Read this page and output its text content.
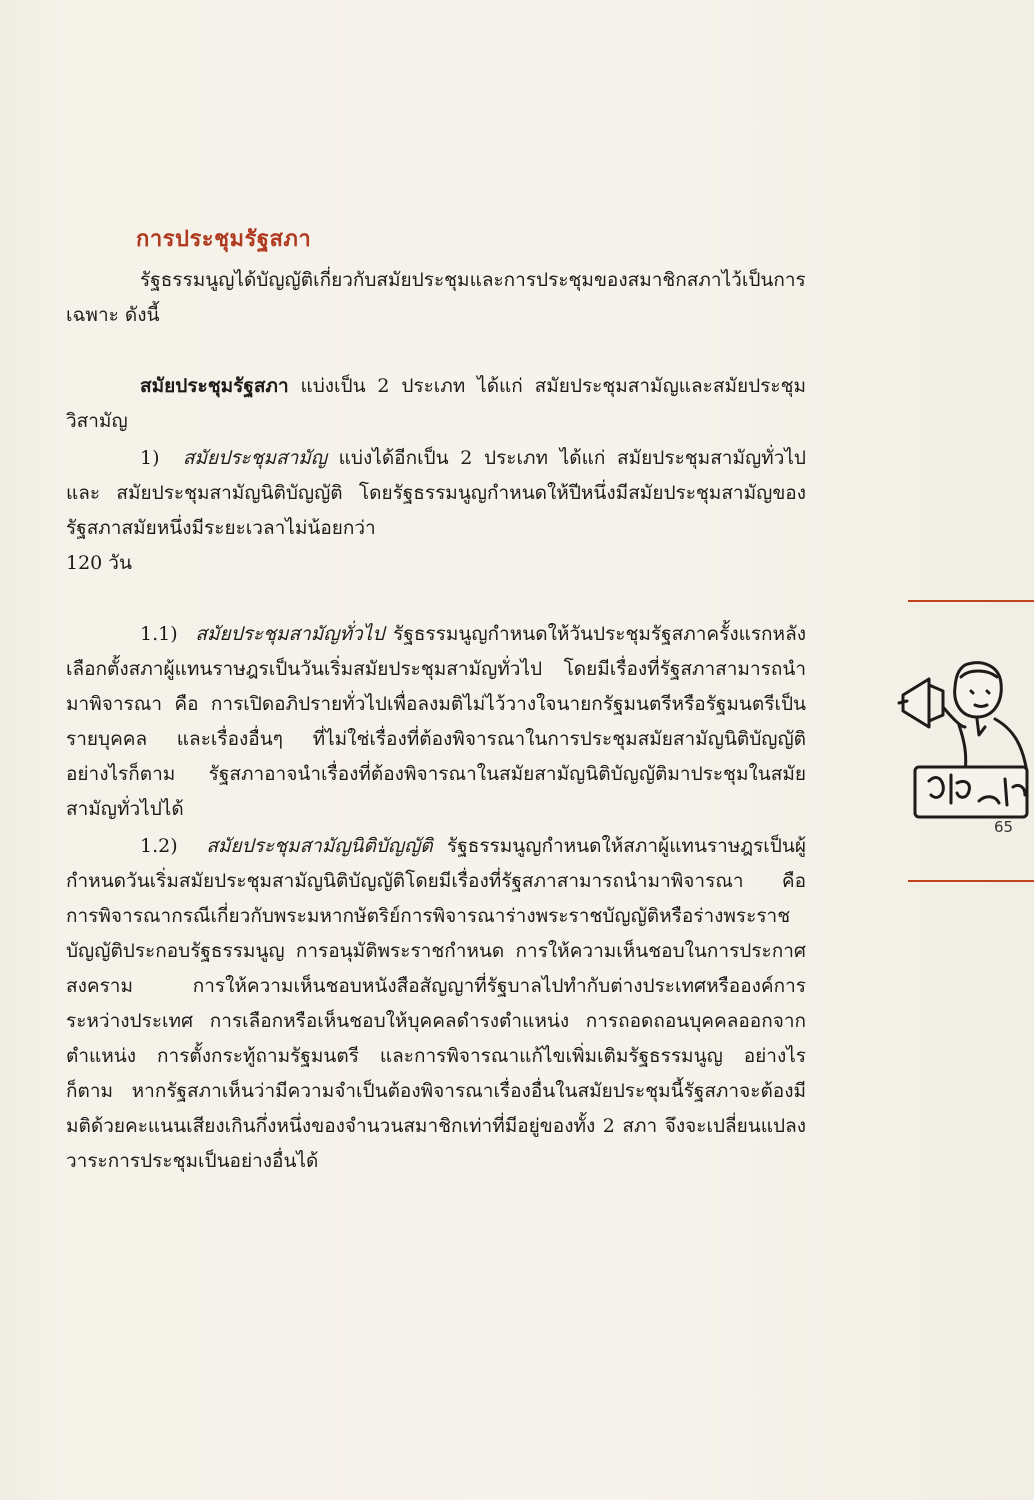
การประชุมรัฐสภา

รัฐธรรมนูญได้บัญญัติเกี่ยวกับสมัยประชุมและการประชุมของสมาชิกสภาไว้เป็นการเฉพาะ ดังนี้

สมัยประชุมรัฐสภา แบ่งเป็น 2 ประเภท ได้แก่ สมัยประชุมสามัญและสมัยประชุมวิสามัญ

1) สมัยประชุมสามัญ แบ่งได้อีกเป็น 2 ประเภท ได้แก่ สมัยประชุมสามัญทั่วไป และ สมัยประชุมสามัญนิติบัญญัติ โดยรัฐธรรมนูญกำหนดให้ปีหนึ่งมีสมัยประชุมสามัญของรัฐสภาสมัยหนึ่งมีระยะเวลาไม่น้อยกว่า
120 วัน

1.1) สมัยประชุมสามัญทั่วไป รัฐธรรมนูญกำหนดให้วันประชุมรัฐสภาครั้งแรกหลังเลือกตั้งสภาผู้แทนราษฎรเป็นวันเริ่มสมัยประชุมสามัญทั่วไป โดยมีเรื่องที่รัฐสภาสามารถนำมาพิจารณา คือ การเปิดอภิปรายทั่วไปเพื่อลงมติไม่ไว้วางใจนายกรัฐมนตรีหรือรัฐมนตรีเป็นรายบุคคล และเรื่องอื่นๆ ที่ไม่ใช่เรื่องที่ต้องพิจารณาในการประชุมสมัยสามัญนิติบัญญัติ อย่างไรก็ตาม รัฐสภาอาจนำเรื่องที่ต้องพิจารณาในสมัยสามัญนิติบัญญัติมาประชุมในสมัยสามัญทั่วไปได้

1.2) สมัยประชุมสามัญนิติบัญญัติ รัฐธรรมนูญกำหนดให้สภาผู้แทนราษฎรเป็นผู้กำหนดวันเริ่มสมัยประชุมสามัญนิติบัญญัติโดยมีเรื่องที่รัฐสภาสามารถนำมาพิจารณา คือ การพิจารณากรณีเกี่ยวกับพระมหากษัตริย์การพิจารณาร่างพระราชบัญญัติหรือร่างพระราชบัญญัติประกอบรัฐธรรมนูญ การอนุมัติพระราชกำหนด การให้ความเห็นชอบในการประกาศสงคราม การให้ความเห็นชอบหนังสือสัญญาที่รัฐบาลไปทำกับต่างประเทศหรือองค์การระหว่างประเทศ การเลือกหรือเห็นชอบให้บุคคลดำรงตำแหน่ง การถอดถอนบุคคลออกจากตำแหน่ง การตั้งกระทู้ถามรัฐมนตรี และการพิจารณาแก้ไขเพิ่มเติมรัฐธรรมนูญ อย่างไรก็ตาม หากรัฐสภาเห็นว่ามีความจำเป็นต้องพิจารณาเรื่องอื่นในสมัยประชุมนี้รัฐสภาจะต้องมีมติด้วยคะแนนเสียงเกินกึ่งหนึ่งของจำนวนสมาชิกเท่าที่มีอยู่ของทั้ง 2 สภา จึงจะเปลี่ยนแปลงวาระการประชุมเป็นอย่างอื่นได้

65
